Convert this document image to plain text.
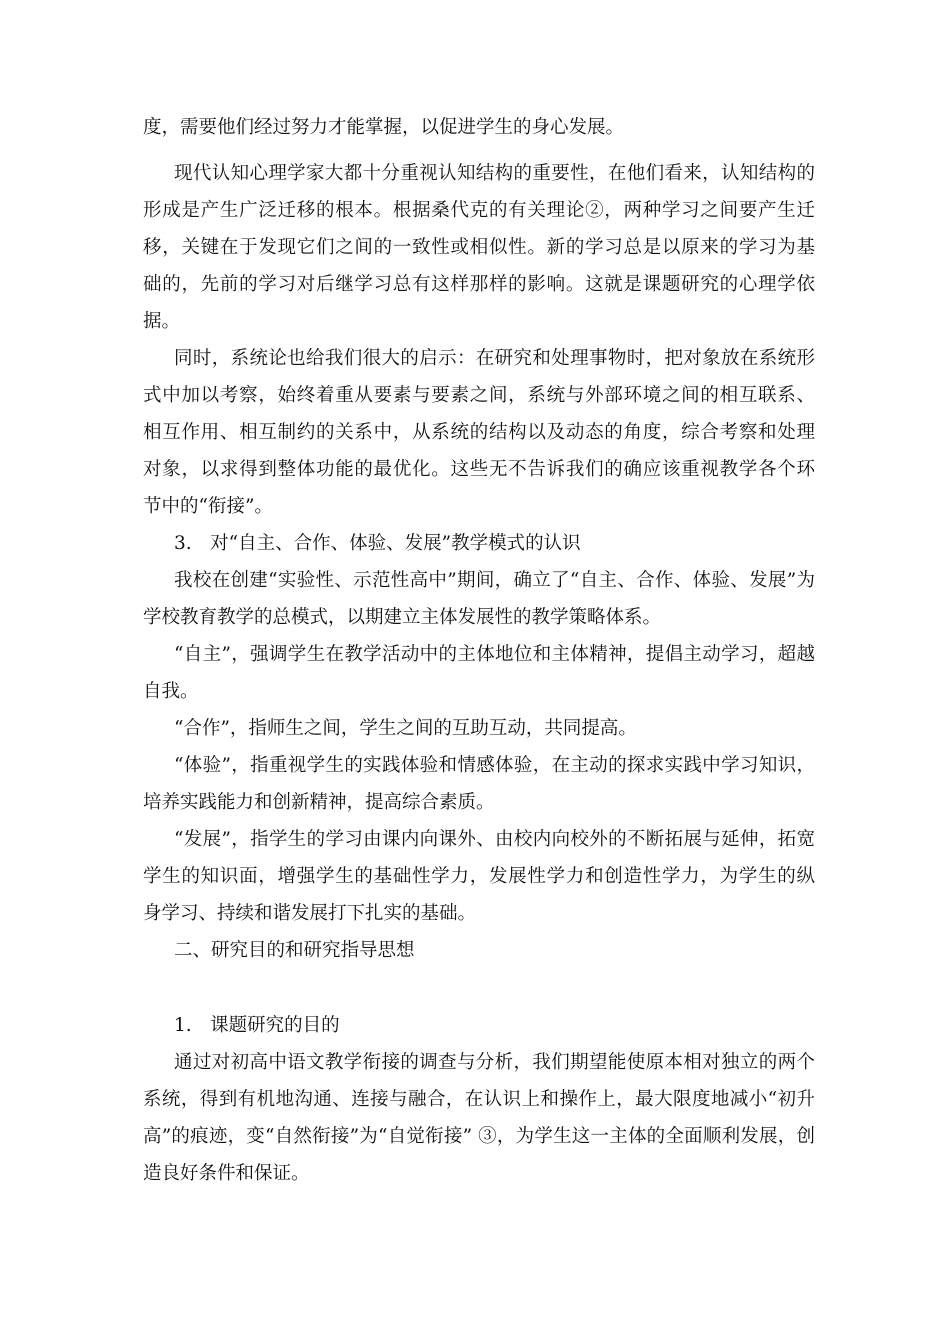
度，需要他们经过努力才能掌握，以促进学生的身心发展。
现代认知心理学家大都十分重视认知结构的重要性，在他们看来，认知结构的
形成是产生广泛迁移的根本。根据桑代克的有关理论②，两种学习之间要产生迁
移，关键在于发现它们之间的一致性或相似性。新的学习总是以原来的学习为基
础的，先前的学习对后继学习总有这样那样的影响。这就是课题研究的心理学依
据。
同时，系统论也给我们很大的启示：在研究和处理事物时，把对象放在系统形
式中加以考察，始终着重从要素与要素之间，系统与外部环境之间的相互联系、
相互作用、相互制约的关系中，从系统的结构以及动态的角度，综合考察和处理
对象，以求得到整体功能的最优化。这些无不告诉我们的确应该重视教学各个环
节中的“衔接”。
3.　对“自主、合作、体验、发展”教学模式的认识
我校在创建“实验性、示范性高中”期间，确立了“自主、合作、体验、发展”为
学校教育教学的总模式，以期建立主体发展性的教学策略体系。
“自主”，强调学生在教学活动中的主体地位和主体精神，提倡主动学习，超越
自我。
“合作”，指师生之间，学生之间的互助互动，共同提高。
“体验”，指重视学生的实践体验和情感体验，在主动的探求实践中学习知识，
培养实践能力和创新精神，提高综合素质。
“发展”，指学生的学习由课内向课外、由校内向校外的不断拓展与延伸，拓宽
学生的知识面，增强学生的基础性学力，发展性学力和创造性学力，为学生的纵
身学习、持续和谐发展打下扎实的基础。
二、研究目的和研究指导思想
1.　课题研究的目的
通过对初高中语文教学衔接的调查与分析，我们期望能使原本相对独立的两个
系统，得到有机地沟通、连接与融合，在认识上和操作上，最大限度地减小“初升
高”的痕迹，变“自然衔接”为“自觉衔接” ③，为学生这一主体的全面顺利发展，创
造良好条件和保证。
